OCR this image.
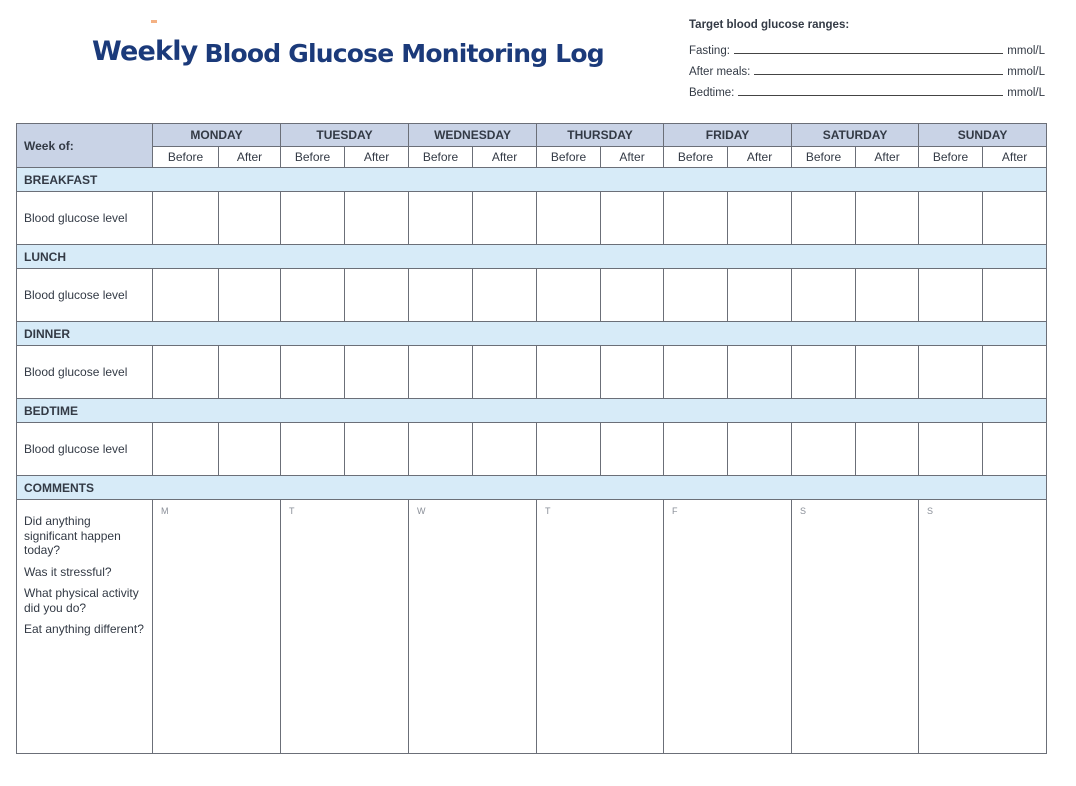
Weekly Blood Glucose Monitoring Log
Target blood glucose ranges:
Fasting:	mmol/L
After meals:	mmol/L
Bedtime:	mmol/L
Week of:	MONDAY		TUESDAY		WEDNESDAY		THURSDAY		FRIDAY		SATURDAY		SUNDAY	
	Before	After	Before	After	Before	After	Before	After	Before	After	Before	After	Before	After
BREAKFAST														
Blood glucose level														
LUNCH														
Blood glucose level														
DINNER														
Blood glucose level														
BEDTIME														
Blood glucose level														
COMMENTS														

Did anything significant happen today?

Was it stressful?

What physical activity did you do?

Eat anything different?	M		T		W		T		F		S		S	
